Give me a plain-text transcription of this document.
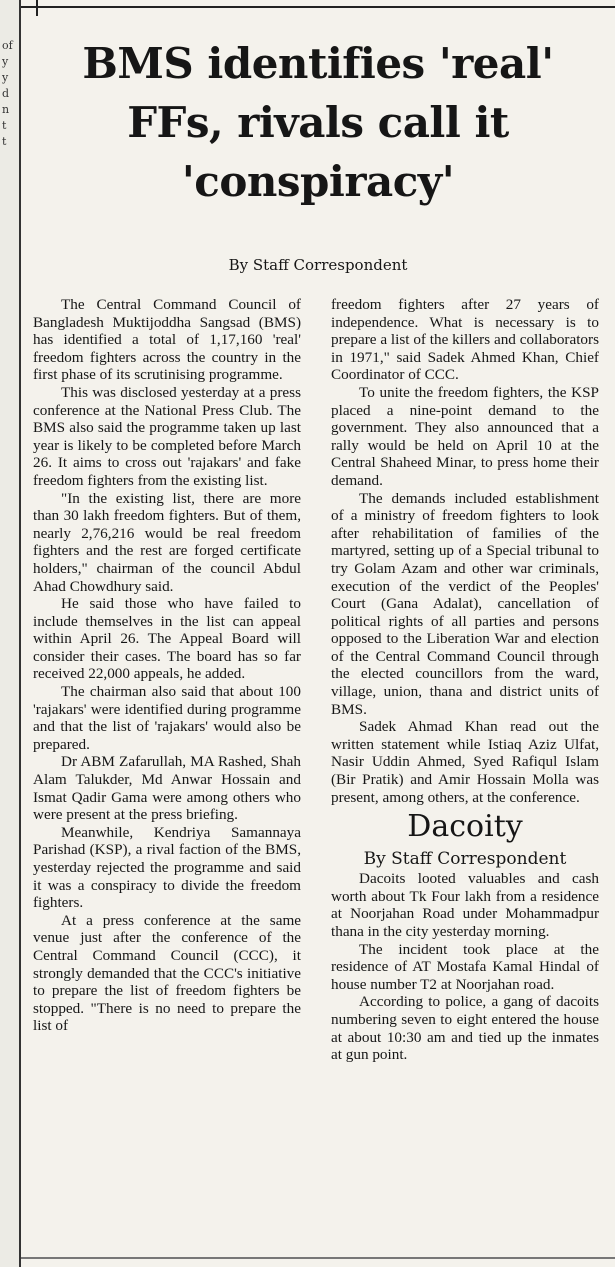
of
y
y
d
n
t
t
BMS identifies 'real'
FFs, rivals call it
'conspiracy'

By Staff Correspondent

The Central Command Council of Bangladesh Muktijoddha Sangsad (BMS) has identified a total of 1,17,160 'real' freedom fighters across the country in the first phase of its scrutinising programme.

This was disclosed yesterday at a press conference at the National Press Club. The BMS also said the programme taken up last year is likely to be completed before March 26. It aims to cross out 'rajakars' and fake freedom fighters from the existing list.

"In the existing list, there are more than 30 lakh freedom fighters. But of them, nearly 2,76,216 would be real freedom fighters and the rest are forged certificate holders," chairman of the council Abdul Ahad Chowdhury said.

He said those who have failed to include themselves in the list can appeal within April 26. The Appeal Board will consider their cases. The board has so far received 22,000 appeals, he added.

The chairman also said that about 100 'rajakars' were identified during programme and that the list of 'rajakars' would also be prepared.

Dr ABM Zafarullah, MA Rashed, Shah Alam Talukder, Md Anwar Hossain and Ismat Qadir Gama were among others who were present at the press briefing.

Meanwhile, Kendriya Samannaya Parishad (KSP), a rival faction of the BMS, yesterday rejected the programme and said it was a conspiracy to divide the freedom fighters.

At a press conference at the same venue just after the conference of the Central Command Council (CCC), it strongly demanded that the CCC's initiative to prepare the list of freedom fighters be stopped. "There is no need to prepare the list of

freedom fighters after 27 years of independence. What is necessary is to prepare a list of the killers and collaborators in 1971," said Sadek Ahmed Khan, Chief Coordinator of CCC.

To unite the freedom fighters, the KSP placed a nine-point demand to the government. They also announced that a rally would be held on April 10 at the Central Shaheed Minar, to press home their demand.

The demands included establishment of a ministry of freedom fighters to look after rehabilitation of families of the martyred, setting up of a Special tribunal to try Golam Azam and other war criminals, execution of the verdict of the Peoples' Court (Gana Adalat), cancellation of political rights of all parties and persons opposed to the Liberation War and election of the Central Command Council through the elected councillors from the ward, village, union, thana and district units of BMS.

Sadek Ahmad Khan read out the written statement while Istiaq Aziz Ulfat, Nasir Uddin Ahmed, Syed Rafiqul Islam (Bir Pratik) and Amir Hossain Molla was present, among others, at the conference.

Dacoity

By Staff Correspondent

Dacoits looted valuables and cash worth about Tk Four lakh from a residence at Noorjahan Road under Mohammadpur thana in the city yesterday morning.

The incident took place at the residence of AT Mostafa Kamal Hindal of house number T2 at Noorjahan road.

According to police, a gang of dacoits numbering seven to eight entered the house at about 10:30 am and tied up the inmates at gun point.
